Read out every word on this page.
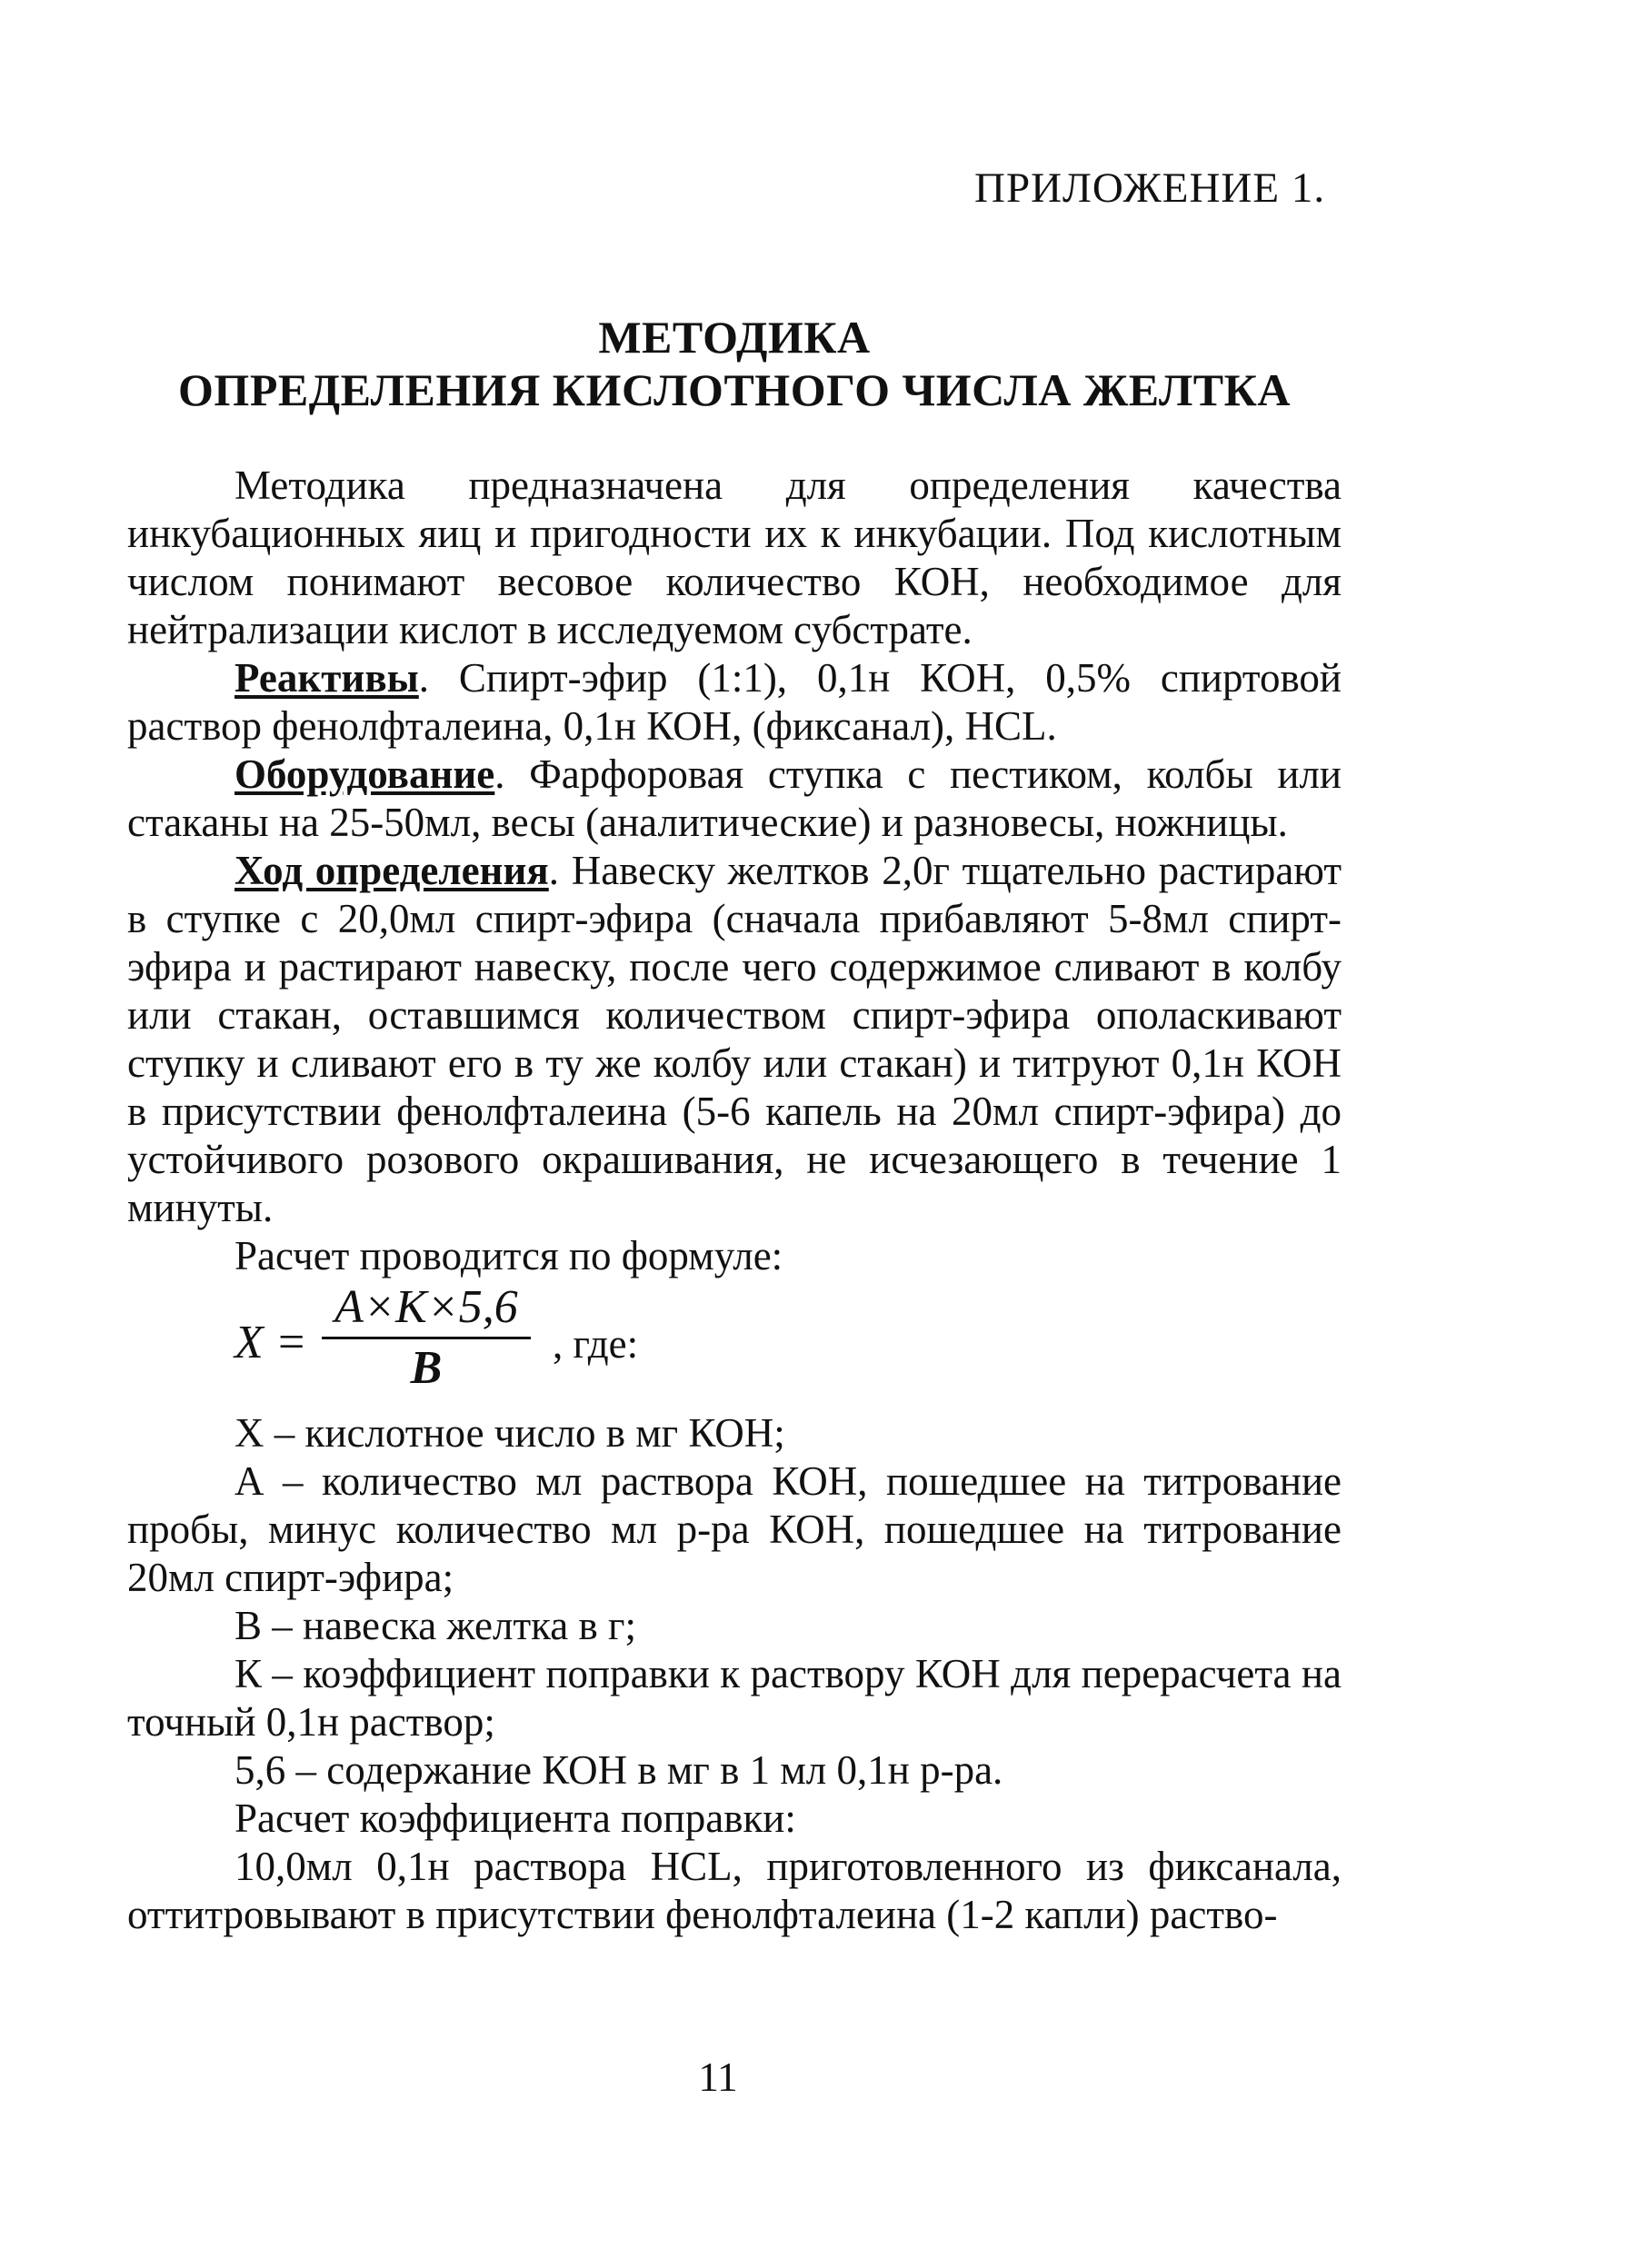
ПРИЛОЖЕНИЕ 1.
МЕТОДИКА
ОПРЕДЕЛЕНИЯ КИСЛОТНОГО ЧИСЛА ЖЕЛТКА

Методика предназначена для определения качества инкубационных яиц и пригодности их к инкубации. Под кислотным числом понимают весовое количество КОН, необходимое для нейтрализации кислот в исследуемом субстрате.

Реактивы. Спирт-эфир (1:1), 0,1н КОН, 0,5% спиртовой раствор фенолфталеина, 0,1н КОН, (фиксанал), HCL.

Оборудование. Фарфоровая ступка с пестиком, колбы или стаканы на 25-50мл, весы (аналитические) и разновесы, ножницы.

Ход определения. Навеску желтков 2,0г тщательно растирают в ступке с 20,0мл спирт-эфира (сначала прибавляют 5-8мл спирт-эфира и растирают навеску, после чего содержимое сливают в колбу или стакан, оставшимся количеством спирт-эфира ополаскивают ступку и сливают его в ту же колбу или стакан) и титруют 0,1н КОН в присутствии фенолфталеина (5-6 капель на 20мл спирт-эфира) до устойчивого розового окрашивания, не исчезающего в течение 1 минуты.

Расчет проводится по формуле:

X =
A×K×5,6
B	, где:

X – кислотное число в мг КОН;

А – количество мл раствора КОН, пошедшее на титрование пробы, минус количество мл р-ра КОН, пошедшее на титрование 20мл спирт-эфира;

В – навеска желтка в г;

К – коэффициент поправки к раствору КОН для перерасчета на точный 0,1н раствор;

5,6 – содержание КОН в мг в 1 мл 0,1н р-ра.

Расчет коэффициента поправки:

10,0мл 0,1н раствора HCL, приготовленного из фиксанала, оттитровывают в присутствии фенолфталеина (1-2 капли) раство-

11
